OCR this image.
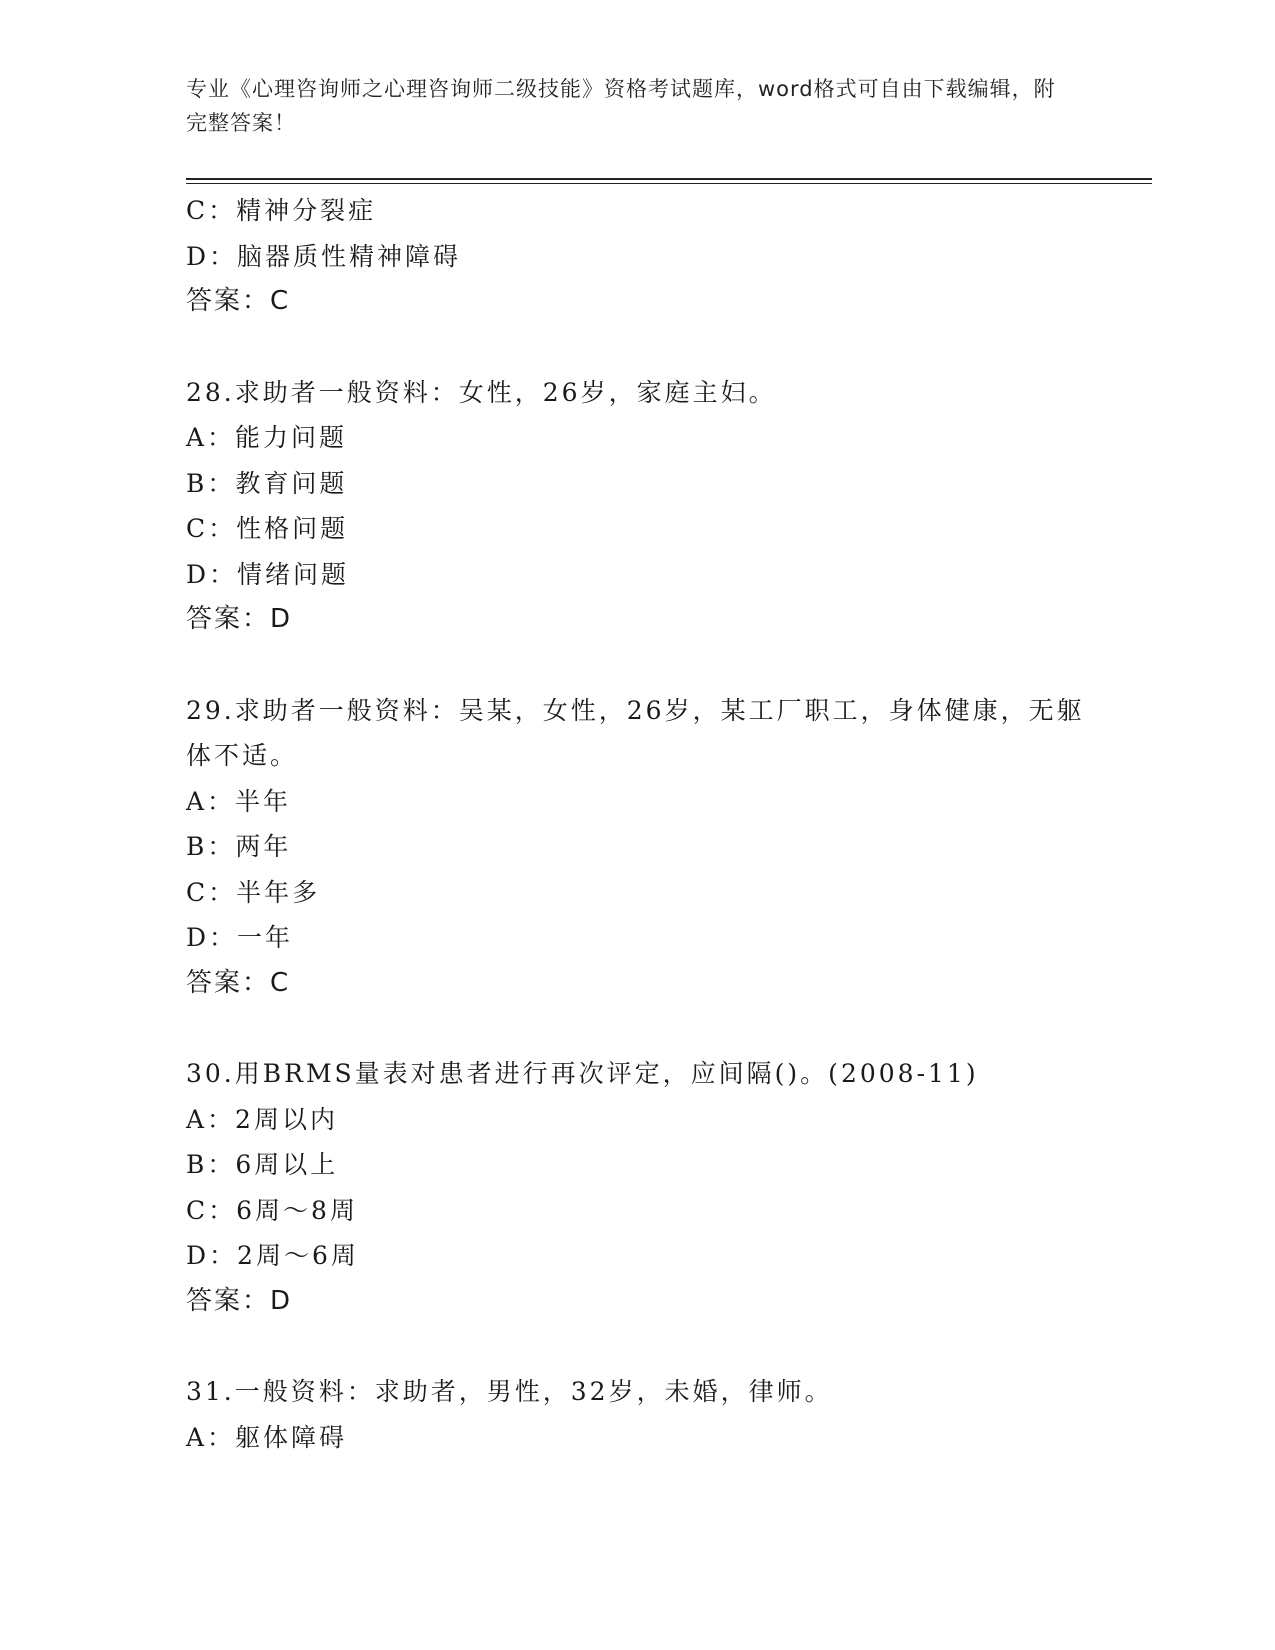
专业《心理咨询师之心理咨询师二级技能》资格考试题库，word格式可自由下载编辑，附完整答案！
C：精神分裂症
D：脑器质性精神障碍
答案：C
28.求助者一般资料：女性，26岁，家庭主妇。
A：能力问题
B：教育问题
C：性格问题
D：情绪问题
答案：D
29.求助者一般资料：吴某，女性，26岁，某工厂职工，身体健康，无躯体不适。
A：半年
B：两年
C：半年多
D：一年
答案：C
30.用BRMS量表对患者进行再次评定，应间隔()。(2008-11)
A：2周以内
B：6周以上
C：6周～8周
D：2周～6周
答案：D
31.一般资料：求助者，男性，32岁，未婚，律师。
A：躯体障碍
